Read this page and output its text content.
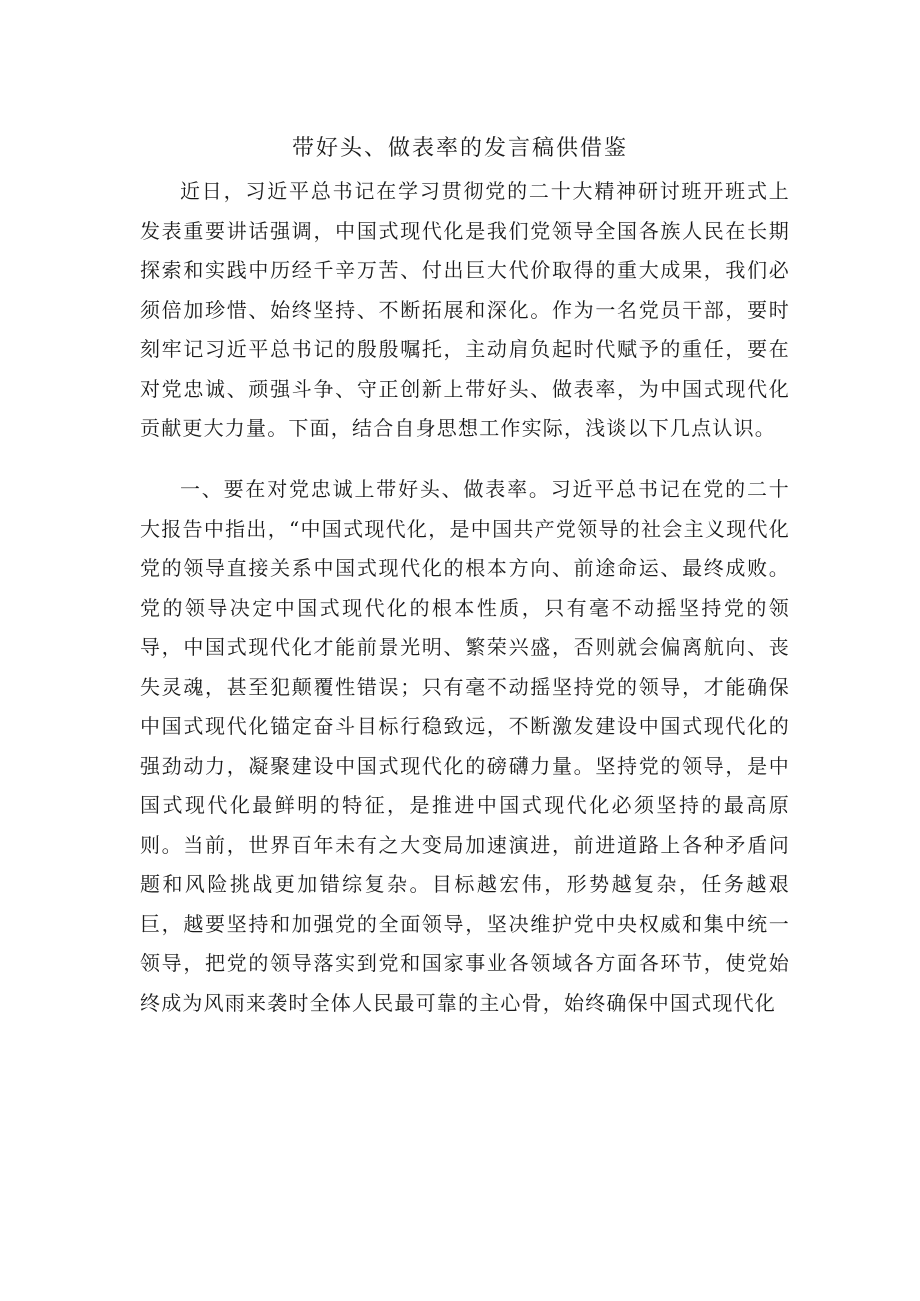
带好头、做表率的发言稿供借鉴

近日，习近平总书记在学习贯彻党的二十大精神研讨班开班式上发表重要讲话强调，中国式现代化是我们党领导全国各族人民在长期探索和实践中历经千辛万苦、付出巨大代价取得的重大成果，我们必须倍加珍惜、始终坚持、不断拓展和深化。作为一名党员干部，要时刻牢记习近平总书记的殷殷嘱托，主动肩负起时代赋予的重任，要在对党忠诚、顽强斗争、守正创新上带好头、做表率，为中国式现代化贡献更大力量。下面，结合自身思想工作实际，浅谈以下几点认识。

一、要在对党忠诚上带好头、做表率。习近平总书记在党的二十大报告中指出，“中国式现代化，是中国共产党领导的社会主义现代化党的领导直接关系中国式现代化的根本方向、前途命运、最终成败。党的领导决定中国式现代化的根本性质，只有毫不动摇坚持党的领导，中国式现代化才能前景光明、繁荣兴盛，否则就会偏离航向、丧失灵魂，甚至犯颠覆性错误；只有毫不动摇坚持党的领导，才能确保中国式现代化锚定奋斗目标行稳致远，不断激发建设中国式现代化的强劲动力，凝聚建设中国式现代化的磅礴力量。坚持党的领导，是中国式现代化最鲜明的特征，是推进中国式现代化必须坚持的最高原则。当前，世界百年未有之大变局加速演进，前进道路上各种矛盾问题和风险挑战更加错综复杂。目标越宏伟，形势越复杂，任务越艰巨，越要坚持和加强党的全面领导，坚决维护党中央权威和集中统一领导，把党的领导落实到党和国家事业各领域各方面各环节，使党始终成为风雨来袭时全体人民最可靠的主心骨，始终确保中国式现代化
